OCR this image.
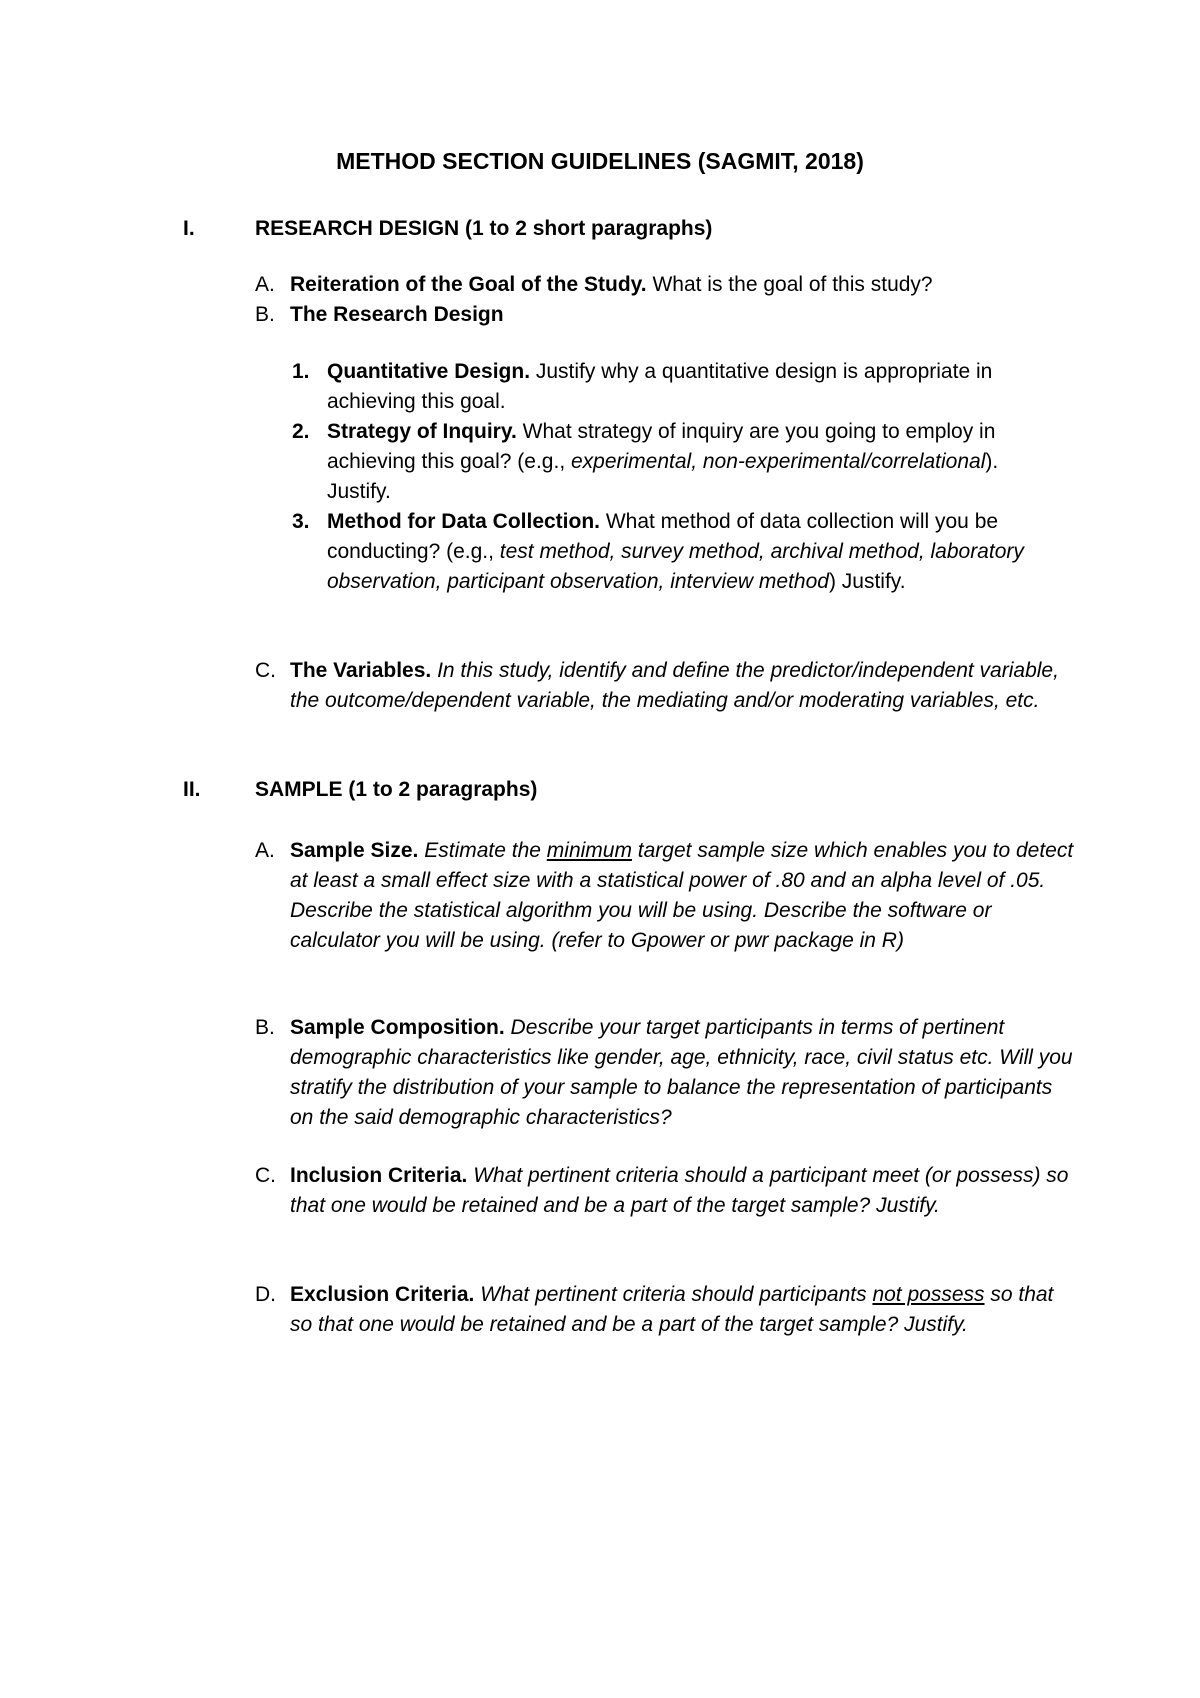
METHOD SECTION GUIDELINES (SAGMIT, 2018)
I.	RESEARCH DESIGN (1 to 2 short paragraphs)
A. Reiteration of the Goal of the Study. What is the goal of this study?
B. The Research Design
1. Quantitative Design. Justify why a quantitative design is appropriate in achieving this goal.
2. Strategy of Inquiry. What strategy of inquiry are you going to employ in achieving this goal? (e.g., experimental, non-experimental/correlational). Justify.
3. Method for Data Collection. What method of data collection will you be conducting? (e.g., test method, survey method, archival method, laboratory observation, participant observation, interview method) Justify.
C. The Variables. In this study, identify and define the predictor/independent variable, the outcome/dependent variable, the mediating and/or moderating variables, etc.
II.	SAMPLE (1 to 2 paragraphs)
A. Sample Size. Estimate the minimum target sample size which enables you to detect at least a small effect size with a statistical power of .80 and an alpha level of .05. Describe the statistical algorithm you will be using. Describe the software or calculator you will be using. (refer to Gpower or pwr package in R)
B. Sample Composition. Describe your target participants in terms of pertinent demographic characteristics like gender, age, ethnicity, race, civil status etc. Will you stratify the distribution of your sample to balance the representation of participants on the said demographic characteristics?
C. Inclusion Criteria. What pertinent criteria should a participant meet (or possess) so that one would be retained and be a part of the target sample? Justify.
D. Exclusion Criteria. What pertinent criteria should participants not possess so that so that one would be retained and be a part of the target sample? Justify.
